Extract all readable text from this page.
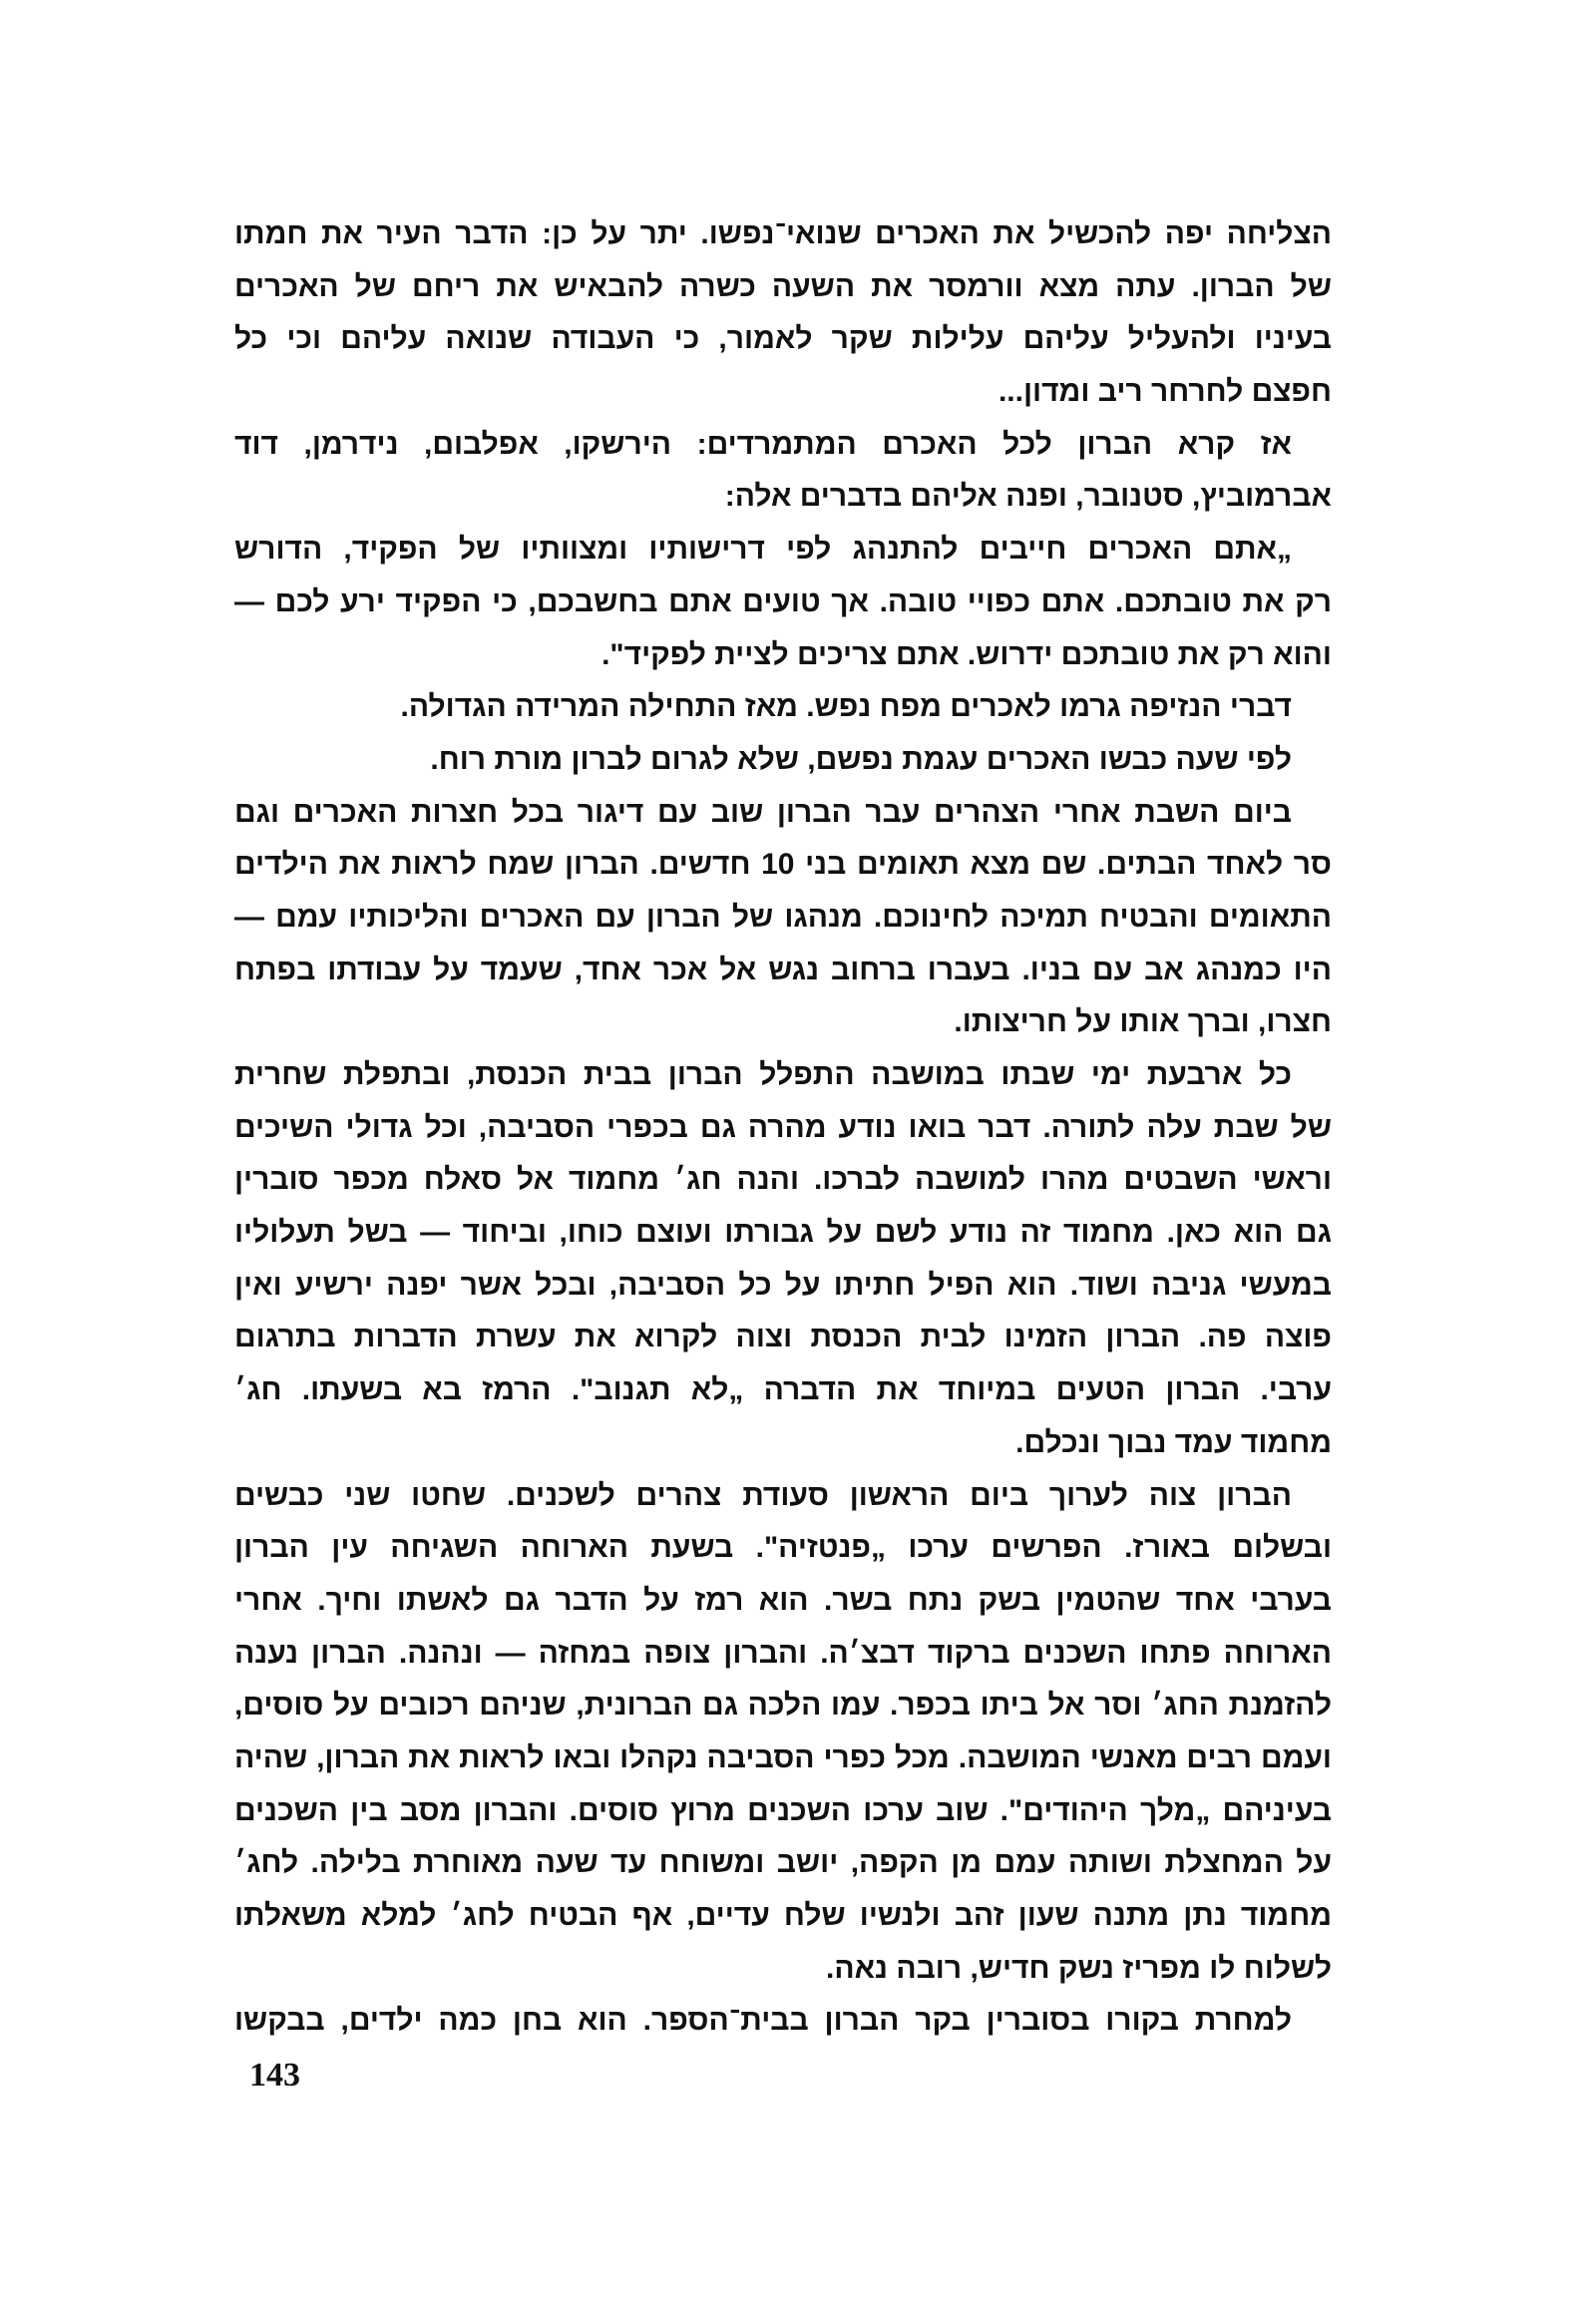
הצליחה יפה להכשיל את האכרים שנואי־נפשו. יתר על כן: הדבר העיר את חמתו
של הברון. עתה מצא וורמסר את השעה כשרה להבאיש את ריחם של האכרים
בעיניו ולהעליל עליהם עלילות שקר לאמור, כי העבודה שנואה עליהם וכי כל
חפצם לחרחר ריב ומדון...
אז קרא הברון לכל האכרם המתמרדים: הירשקו, אפלבום, נידרמן, דוד
אברמוביץ, סטנובר, ופנה אליהם בדברים אלה:
„אתם האכרים חייבים להתנהג לפי דרישותיו ומצוותיו של הפקיד, הדורש
רק את טובתכם. אתם כפויי טובה. אך טועים אתם בחשבכם, כי הפקיד ירע לכם —
והוא רק את טובתכם ידרוש. אתם צריכים לציית לפקיד".
דברי הנזיפה גרמו לאכרים מפח נפש. מאז התחילה המרידה הגדולה.
לפי שעה כבשו האכרים עגמת נפשם, שלא לגרום לברון מורת רוח.
ביום השבת אחרי הצהרים עבר הברון שוב עם דיגור בכל חצרות האכרים וגם
סר לאחד הבתים. שם מצא תאומים בני 10 חדשים. הברון שמח לראות את הילדים
התאומים והבטיח תמיכה לחינוכם. מנהגו של הברון עם האכרים והליכותיו עמם —
היו כמנהג אב עם בניו. בעברו ברחוב נגש אל אכר אחד, שעמד על עבודתו בפתח
חצרו, וברך אותו על חריצותו.
כל ארבעת ימי שבתו במושבה התפלל הברון בבית הכנסת, ובתפלת שחרית
של שבת עלה לתורה. דבר בואו נודע מהרה גם בכפרי הסביבה, וכל גדולי השיכים
וראשי השבטים מהרו למושבה לברכו. והנה חג׳ מחמוד אל סאלח מכפר סוברין
גם הוא כאן. מחמוד זה נודע לשם על גבורתו ועוצם כוחו, וביחוד — בשל תעלוליו
במעשי גניבה ושוד. הוא הפיל חתיתו על כל הסביבה, ובכל אשר יפנה ירשיע ואין
פוצה פה. הברון הזמינו לבית הכנסת וצוה לקרוא את עשרת הדברות בתרגום
ערבי. הברון הטעים במיוחד את הדברה „לא תגנוב". הרמז בא בשעתו. חג׳
מחמוד עמד נבוך ונכלם.
הברון צוה לערוך ביום הראשון סעודת צהרים לשכנים. שחטו שני כבשים
ובשלום באורז. הפרשים ערכו „פנטזיה". בשעת הארוחה השגיחה עין הברון
בערבי אחד שהטמין בשק נתח בשר. הוא רמז על הדבר גם לאשתו וחיך. אחרי
הארוחה פתחו השכנים ברקוד דבצ׳ה. והברון צופה במחזה — ונהנה. הברון נענה
להזמנת החג׳ וסר אל ביתו בכפר. עמו הלכה גם הברונית, שניהם רכובים על סוסים,
ועמם רבים מאנשי המושבה. מכל כפרי הסביבה נקהלו ובאו לראות את הברון, שהיה
בעיניהם „מלך היהודים". שוב ערכו השכנים מרוץ סוסים. והברון מסב בין השכנים
על המחצלת ושותה עמם מן הקפה, יושב ומשוחח עד שעה מאוחרת בלילה. לחג׳
מחמוד נתן מתנה שעון זהב ולנשיו שלח עדיים, אף הבטיח לחג׳ למלא משאלתו
לשלוח לו מפריז נשק חדיש, רובה נאה.
למחרת בקורו בסוברין בקר הברון בבית־הספר. הוא בחן כמה ילדים, בבקשו
143
